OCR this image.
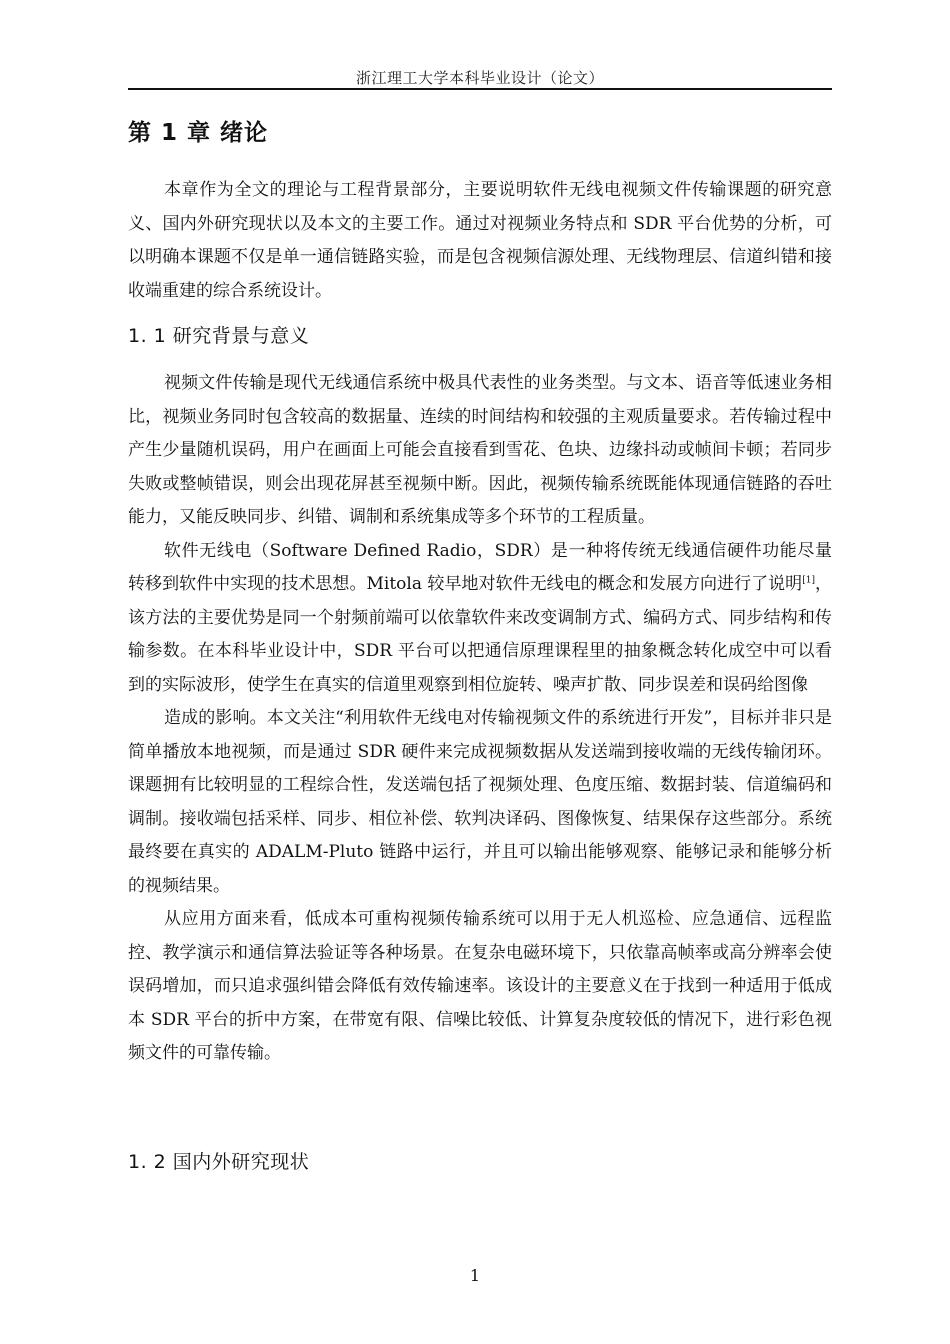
浙江理工大学本科毕业设计（论文）
第 1 章 绪论

本章作为全文的理论与工程背景部分，主要说明软件无线电视频文件传输课题的研究意义、国内外研究现状以及本文的主要工作。通过对视频业务特点和 SDR 平台优势的分析，可以明确本课题不仅是单一通信链路实验，而是包含视频信源处理、无线物理层、信道纠错和接收端重建的综合系统设计。

1. 1 研究背景与意义

视频文件传输是现代无线通信系统中极具代表性的业务类型。与文本、语音等低速业务相比，视频业务同时包含较高的数据量、连续的时间结构和较强的主观质量要求。若传输过程中产生少量随机误码，用户在画面上可能会直接看到雪花、色块、边缘抖动或帧间卡顿；若同步失败或整帧错误，则会出现花屏甚至视频中断。因此，视频传输系统既能体现通信链路的吞吐能力，又能反映同步、纠错、调制和系统集成等多个环节的工程质量。

软件无线电（Software Defined Radio，SDR）是一种将传统无线通信硬件功能尽量转移到软件中实现的技术思想。Mitola 较早地对软件无线电的概念和发展方向进行了说明[1]，该方法的主要优势是同一个射频前端可以依靠软件来改变调制方式、编码方式、同步结构和传输参数。在本科毕业设计中，SDR 平台可以把通信原理课程里的抽象概念转化成空中可以看到的实际波形，使学生在真实的信道里观察到相位旋转、噪声扩散、同步误差和误码给图像

造成的影响。本文关注“利用软件无线电对传输视频文件的系统进行开发”，目标并非只是简单播放本地视频，而是通过 SDR 硬件来完成视频数据从发送端到接收端的无线传输闭环。课题拥有比较明显的工程综合性，发送端包括了视频处理、色度压缩、数据封装、信道编码和调制。接收端包括采样、同步、相位补偿、软判决译码、图像恢复、结果保存这些部分。系统最终要在真实的 ADALM-Pluto 链路中运行，并且可以输出能够观察、能够记录和能够分析的视频结果。

从应用方面来看，低成本可重构视频传输系统可以用于无人机巡检、应急通信、远程监控、教学演示和通信算法验证等各种场景。在复杂电磁环境下，只依靠高帧率或高分辨率会使误码增加，而只追求强纠错会降低有效传输速率。该设计的主要意义在于找到一种适用于低成本 SDR 平台的折中方案，在带宽有限、信噪比较低、计算复杂度较低的情况下，进行彩色视频文件的可靠传输。

1. 2 国内外研究现状
1
